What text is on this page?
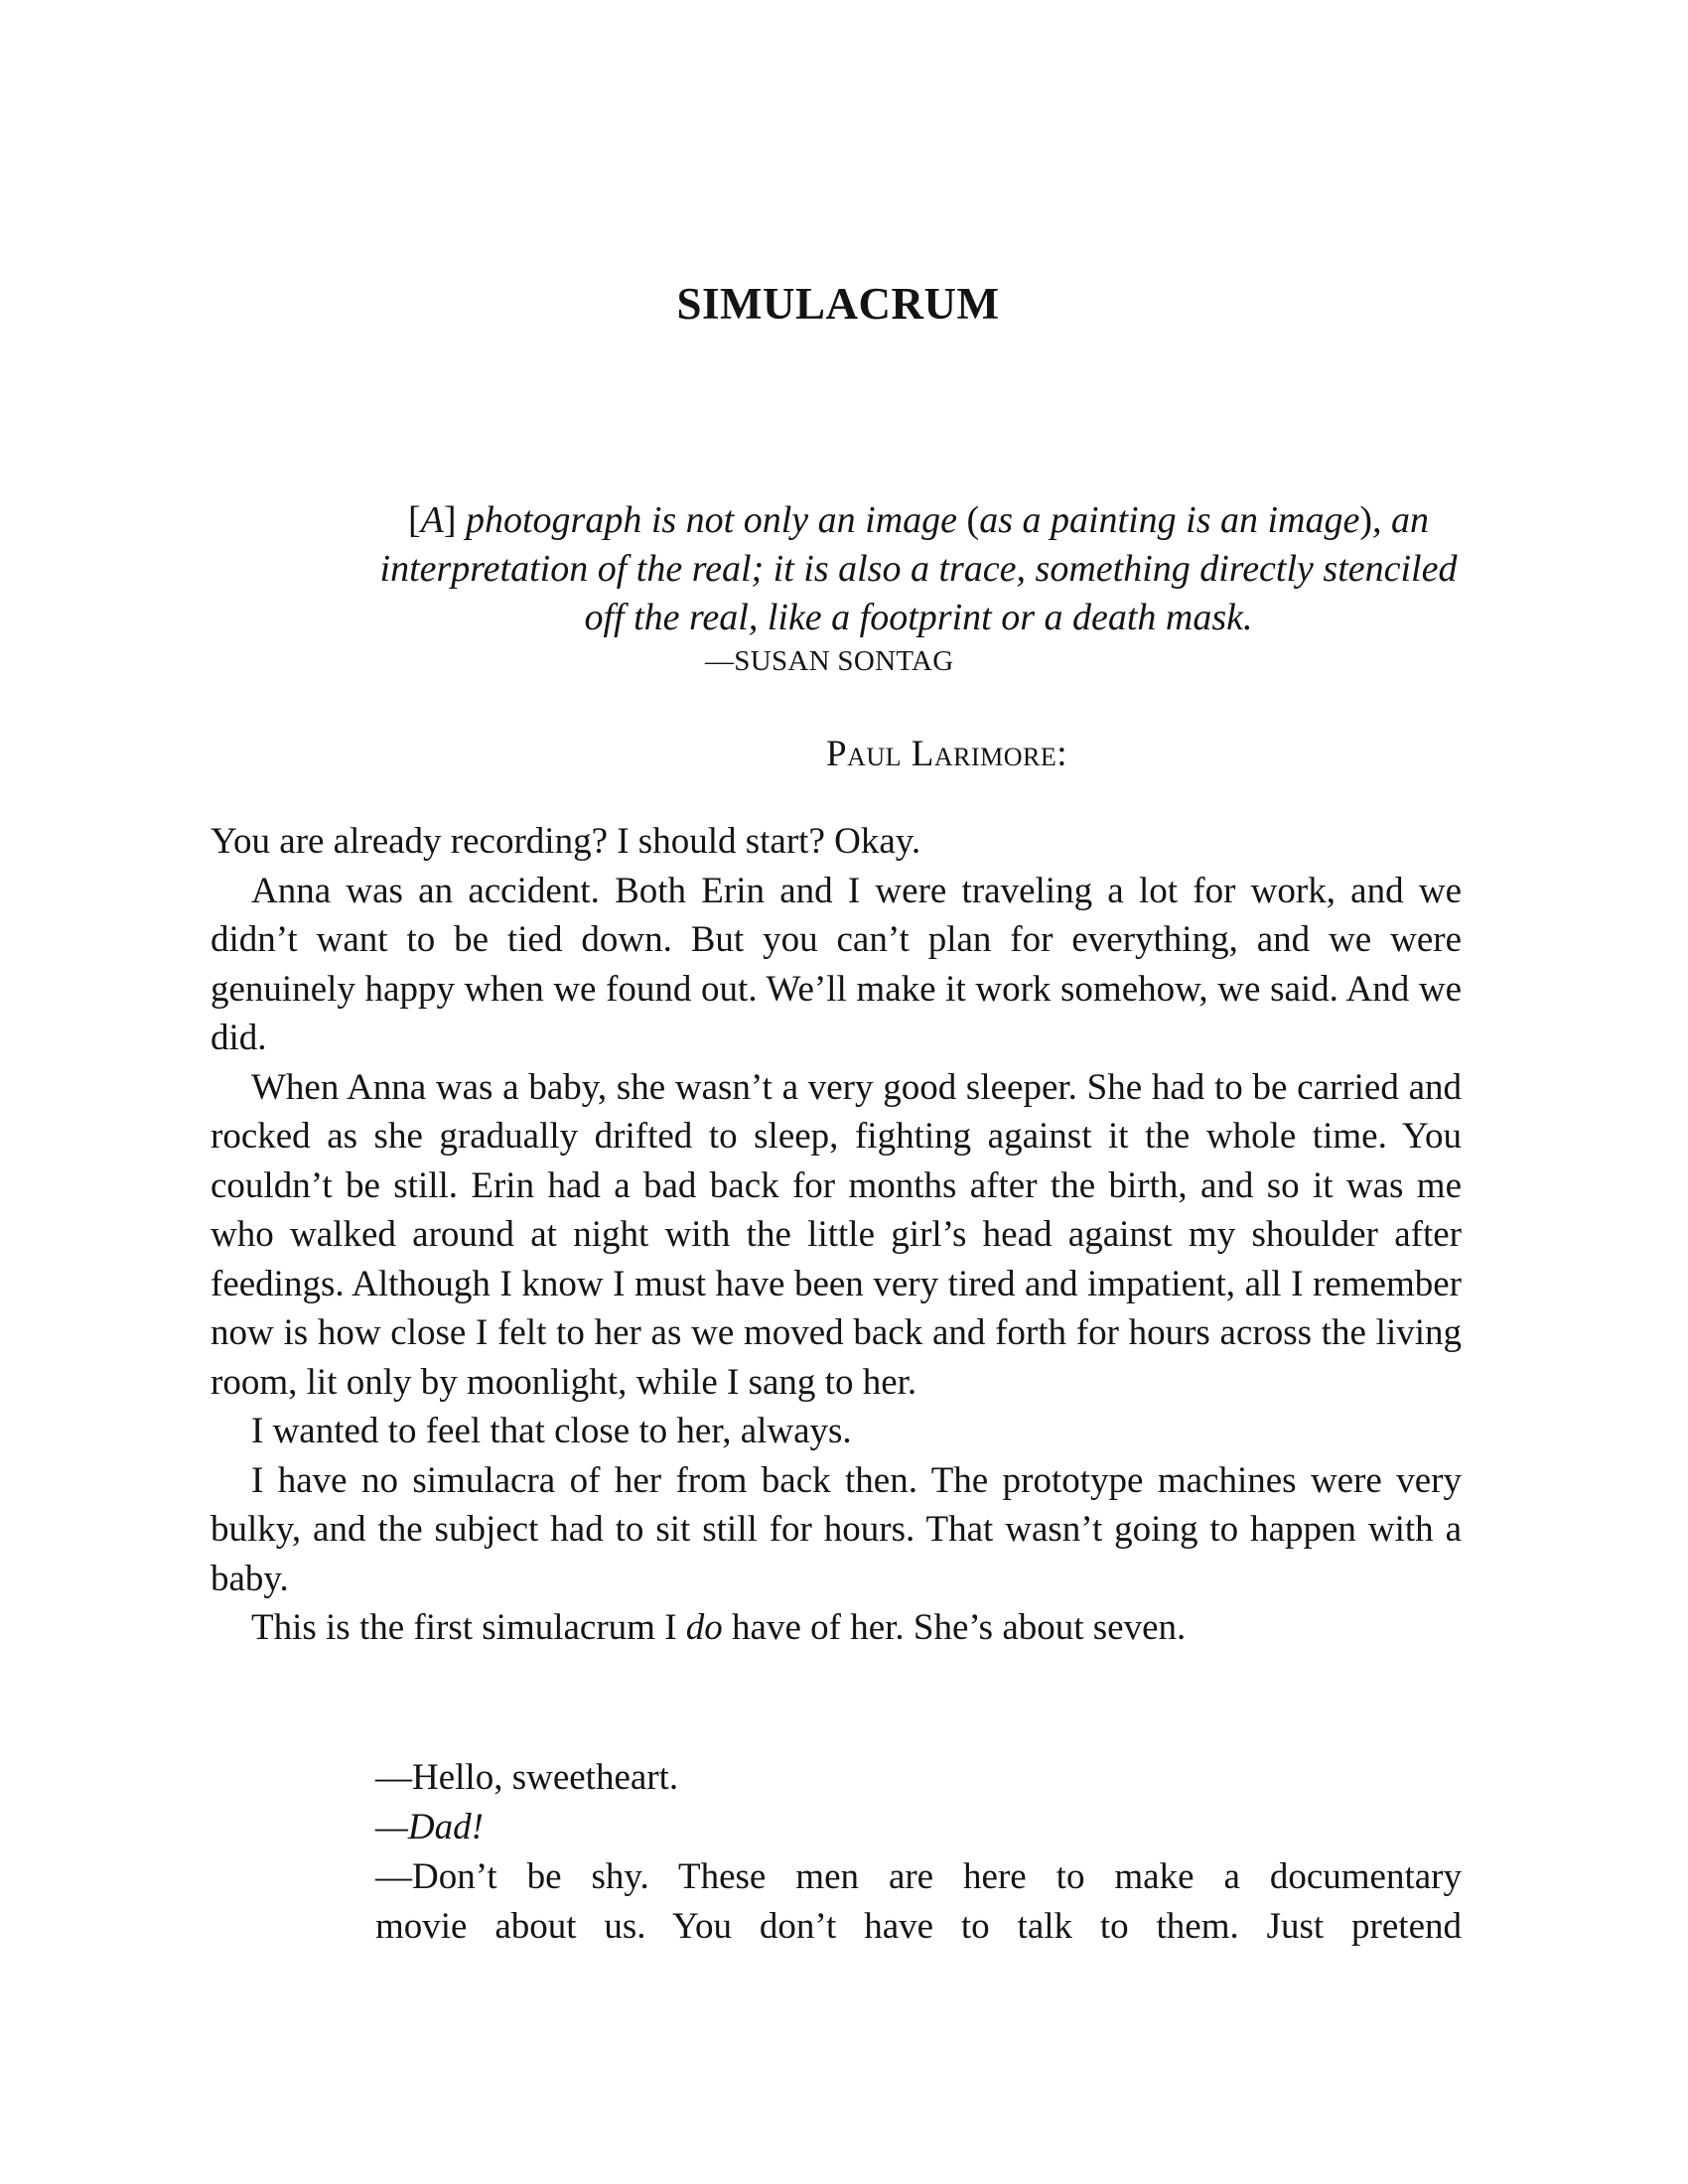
SIMULACRUM
[A] photograph is not only an image (as a painting is an image), an interpretation of the real; it is also a trace, something directly stenciled off the real, like a footprint or a death mask.
—SUSAN SONTAG
Paul Larimore:

You are already recording? I should start? Okay.

Anna was an accident. Both Erin and I were traveling a lot for work, and we didn’t want to be tied down. But you can’t plan for everything, and we were genuinely happy when we found out. We’ll make it work somehow, we said. And we did.

When Anna was a baby, she wasn’t a very good sleeper. She had to be carried and rocked as she gradually drifted to sleep, fighting against it the whole time. You couldn’t be still. Erin had a bad back for months after the birth, and so it was me who walked around at night with the little girl’s head against my shoulder after feedings. Although I know I must have been very tired and impatient, all I remember now is how close I felt to her as we moved back and forth for hours across the living room, lit only by moonlight, while I sang to her.

I wanted to feel that close to her, always.

I have no simulacra of her from back then. The prototype machines were very bulky, and the subject had to sit still for hours. That wasn’t going to happen with a baby.

This is the first simulacrum I do have of her. She’s about seven.

—Hello, sweetheart.

—Dad!

—Don’t be shy. These men are here to make a documentary

movie about us. You don’t have to talk to them. Just pretend
